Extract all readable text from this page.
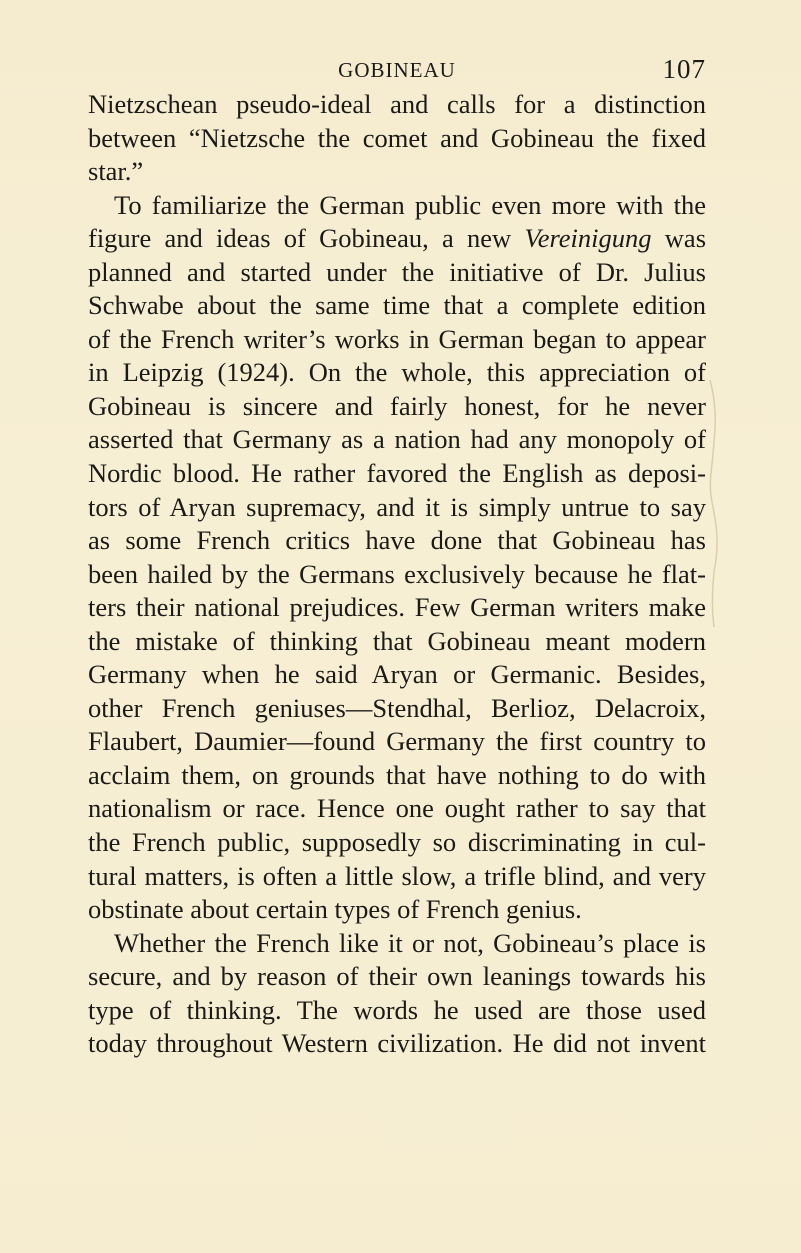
GOBINEAU	107
Nietzschean pseudo-ideal and calls for a distinction
between “Nietzsche the comet and Gobineau the fixed
star.”
To familiarize the German public even more with the
figure and ideas of Gobineau, a new Vereinigung was
planned and started under the initiative of Dr. Julius
Schwabe about the same time that a complete edition
of the French writer’s works in German began to appear
in Leipzig (1924). On the whole, this appreciation of
Gobineau is sincere and fairly honest, for he never
asserted that Germany as a nation had any monopoly of
Nordic blood. He rather favored the English as deposi-
tors of Aryan supremacy, and it is simply untrue to say
as some French critics have done that Gobineau has
been hailed by the Germans exclusively because he flat-
ters their national prejudices. Few German writers make
the mistake of thinking that Gobineau meant modern
Germany when he said Aryan or Germanic. Besides,
other French geniuses—Stendhal, Berlioz, Delacroix,
Flaubert, Daumier—found Germany the first country to
acclaim them, on grounds that have nothing to do with
nationalism or race. Hence one ought rather to say that
the French public, supposedly so discriminating in cul-
tural matters, is often a little slow, a trifle blind, and very
obstinate about certain types of French genius.
Whether the French like it or not, Gobineau’s place is
secure, and by reason of their own leanings towards his
type of thinking. The words he used are those used
today throughout Western civilization. He did not invent
